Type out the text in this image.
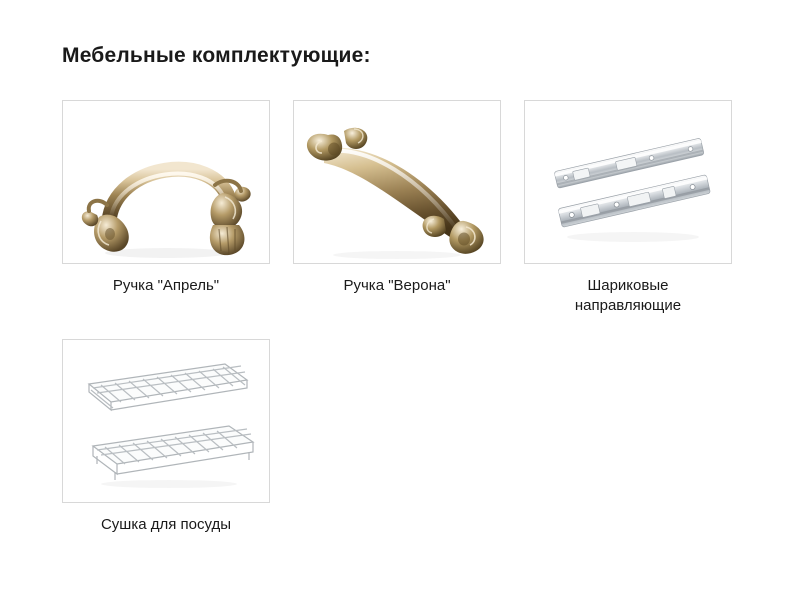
Мебельные комплектующие:
Ручка "Апрель"	Ручка "Верона"	Шариковые направляющие
Сушка для посуды
